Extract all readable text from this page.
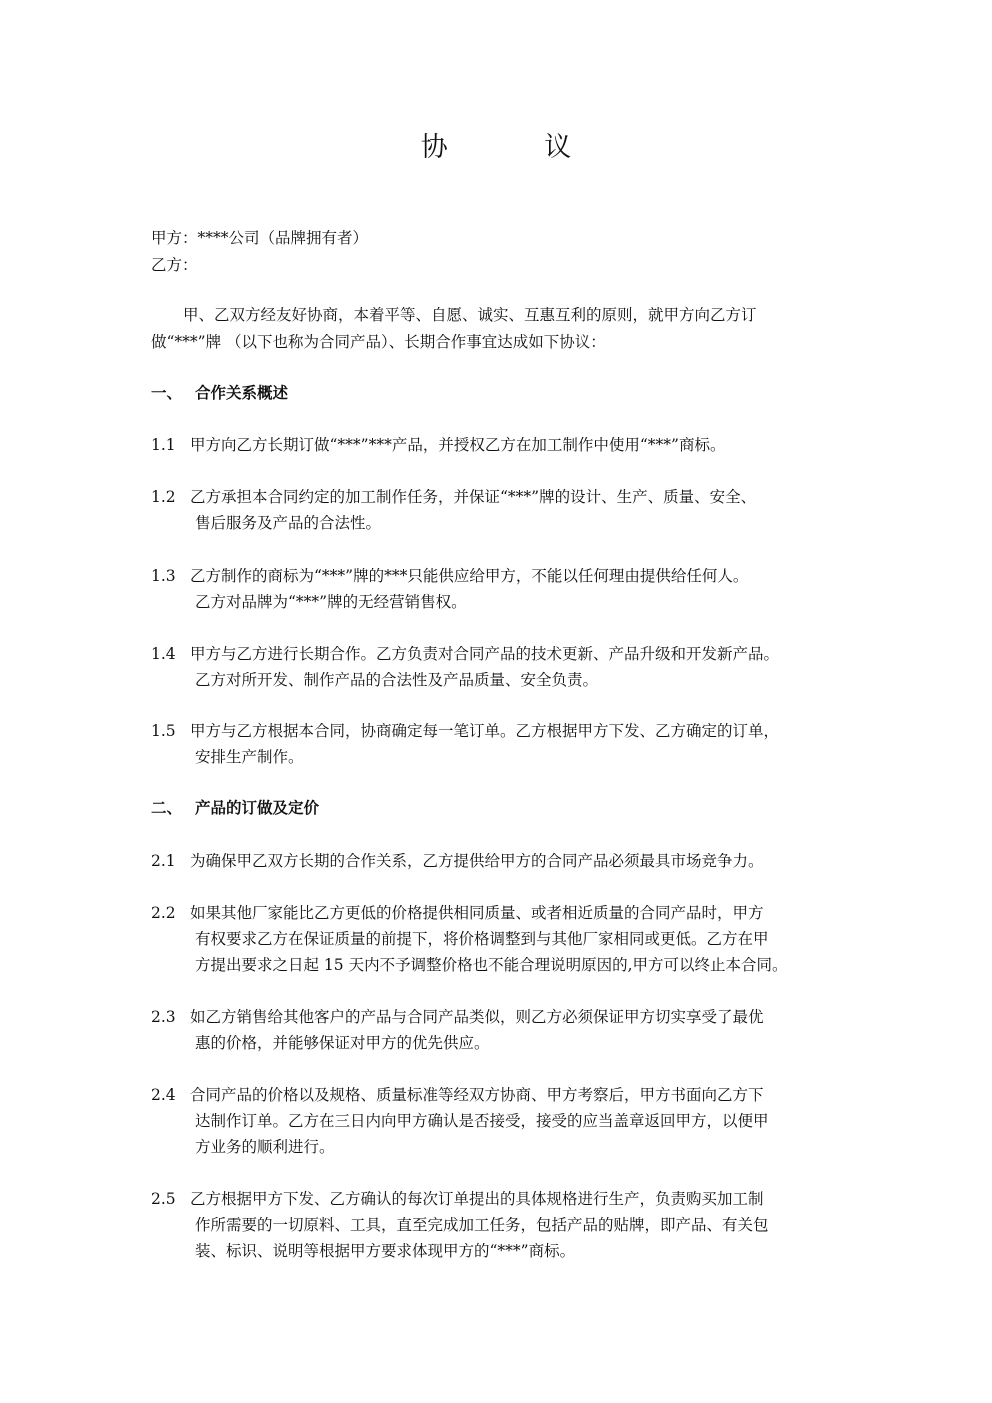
协 议
甲方：****公司（品牌拥有者）
乙方：
甲、乙双方经友好协商，本着平等、自愿、诚实、互惠互利的原则，就甲方向乙方订
做“***”牌 （以下也称为合同产品）、长期合作事宜达成如下协议：
一、 合作关系概述
1.1 甲方向乙方长期订做“***”***产品，并授权乙方在加工制作中使用“***”商标。
1.2 乙方承担本合同约定的加工制作任务，并保证“***”牌的设计、生产、质量、安全、
售后服务及产品的合法性。
1.3 乙方制作的商标为“***”牌的***只能供应给甲方，不能以任何理由提供给任何人。
乙方对品牌为“***”牌的无经营销售权。
1.4 甲方与乙方进行长期合作。乙方负责对合同产品的技术更新、产品升级和开发新产品。
乙方对所开发、制作产品的合法性及产品质量、安全负责。
1.5 甲方与乙方根据本合同，协商确定每一笔订单。乙方根据甲方下发、乙方确定的订单，
安排生产制作。
二、 产品的订做及定价
2.1 为确保甲乙双方长期的合作关系，乙方提供给甲方的合同产品必须最具市场竞争力。
2.2 如果其他厂家能比乙方更低的价格提供相同质量、或者相近质量的合同产品时，甲方
有权要求乙方在保证质量的前提下，将价格调整到与其他厂家相同或更低。乙方在甲
方提出要求之日起 15 天内不予调整价格也不能合理说明原因的,甲方可以终止本合同。
2.3 如乙方销售给其他客户的产品与合同产品类似，则乙方必须保证甲方切实享受了最优
惠的价格，并能够保证对甲方的优先供应。
2.4 合同产品的价格以及规格、质量标准等经双方协商、甲方考察后，甲方书面向乙方下
达制作订单。乙方在三日内向甲方确认是否接受，接受的应当盖章返回甲方，以便甲
方业务的顺利进行。
2.5 乙方根据甲方下发、乙方确认的每次订单提出的具体规格进行生产，负责购买加工制
作所需要的一切原料、工具，直至完成加工任务，包括产品的贴牌，即产品、有关包
装、标识、说明等根据甲方要求体现甲方的“***”商标。
